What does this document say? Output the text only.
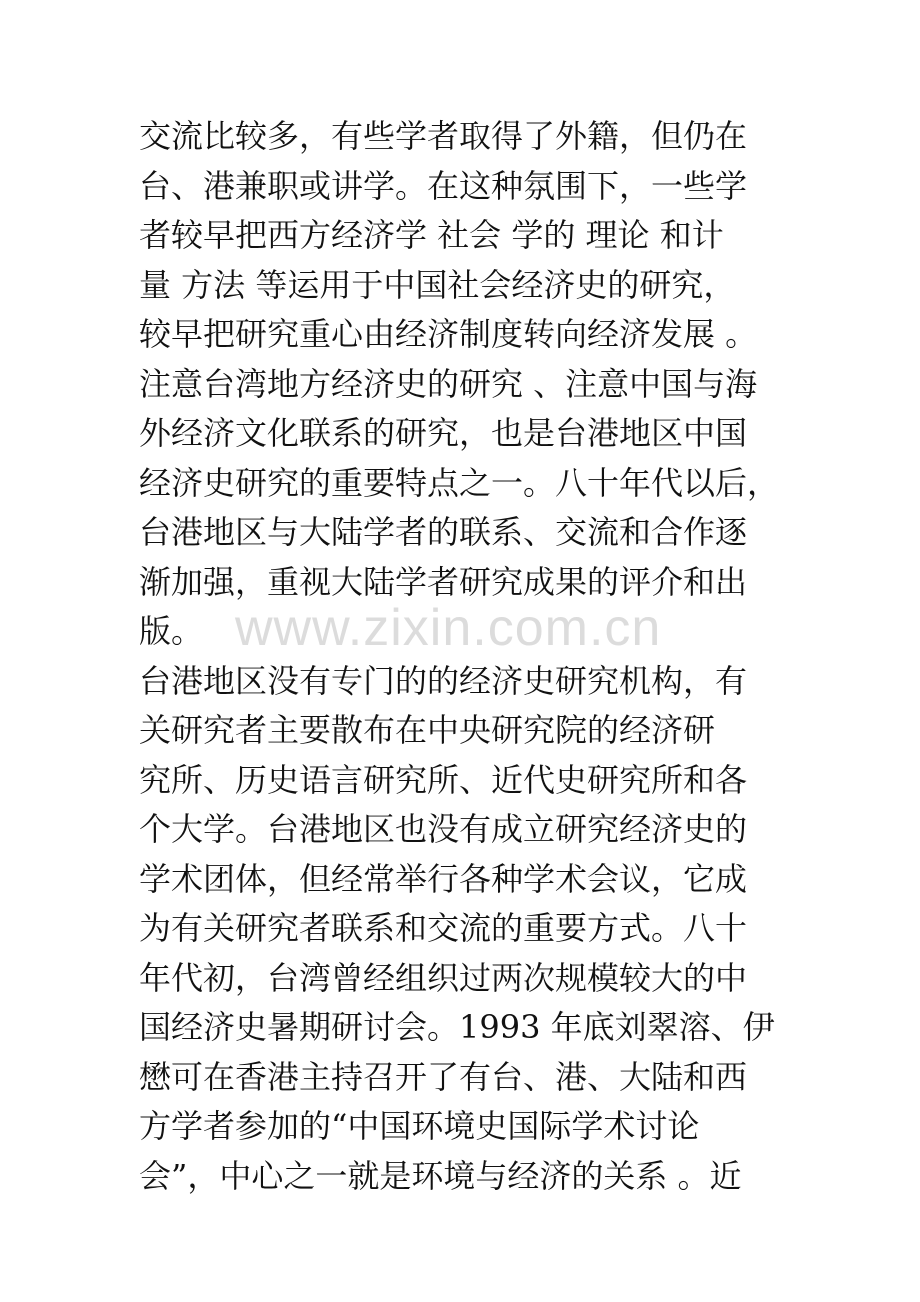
交流比较多，有些学者取得了外籍，但仍在
台、港兼职或讲学。在这种氛围下，一些学
者较早把西方经济学 社会 学的 理论 和计
量 方法 等运用于中国社会经济史的研究，
较早把研究重心由经济制度转向经济发展 。
注意台湾地方经济史的研究 、注意中国与海
外经济文化联系的研究，也是台港地区中国
经济史研究的重要特点之一。八十年代以后，
台港地区与大陆学者的联系、交流和合作逐
渐加强，重视大陆学者研究成果的评介和出
版。
台港地区没有专门的的经济史研究机构，有
关研究者主要散布在中央研究院的经济研
究所、历史语言研究所、近代史研究所和各
个大学。台港地区也没有成立研究经济史的
学术团体，但经常举行各种学术会议，它成
为有关研究者联系和交流的重要方式。八十
年代初，台湾曾经组织过两次规模较大的中
国经济史暑期研讨会。1993 年底刘翠溶、伊
懋可在香港主持召开了有台、港、大陆和西
方学者参加的“中国环境史国际学术讨论
会”，中心之一就是环境与经济的关系 。近
www.zixin.com.cn
